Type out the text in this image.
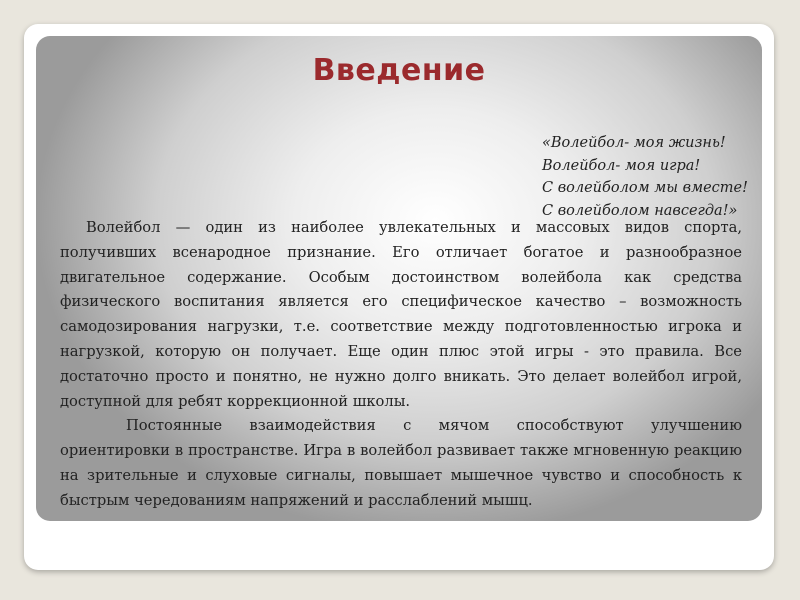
Введение
«Волейбол- моя жизнь!
Волейбол- моя игра!
С волейболом мы вместе!
С волейболом навсегда!»

Волейбол — один из наиболее увлекательных и массовых видов спорта, получивших всенародное признание. Его отличает богатое и разнообразное двигательное содержание. Особым достоинством волейбола как средства физического воспитания является его специфическое качество – возможность самодозирования нагрузки, т.е. соответствие между подготовленностью игрока и нагрузкой, которую он получает. Еще один плюс этой игры - это правила. Все достаточно просто и понятно, не нужно долго вникать. Это делает волейбол игрой, доступной для ребят коррекционной школы.

Постоянные взаимодействия с мячом способствуют улучшению ориентировки в пространстве. Игра в волейбол развивает также мгновенную реакцию на зрительные и слуховые сигналы, повышает мышечное чувство и способность к быстрым чередованиям напряжений и расслаблений мышц.
